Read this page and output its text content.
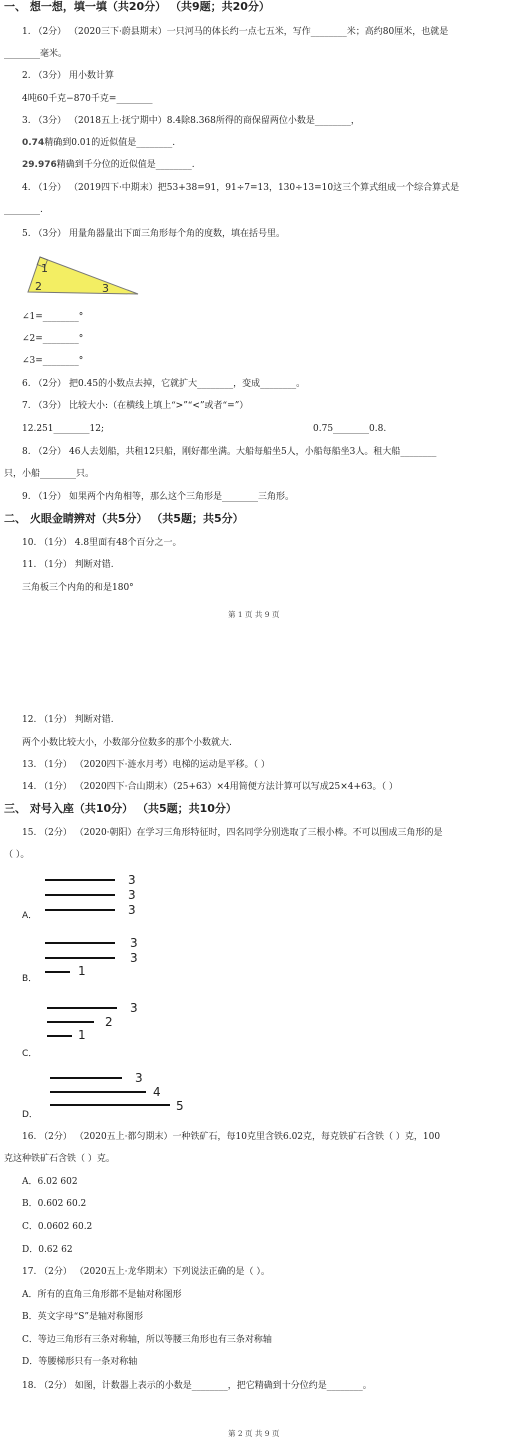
一、 想一想，填一填（共20分） （共9题；共20分）
1. （2分） （2020三下·蔚县期末）一只河马的体长约一点七五米，写作________米；高约80厘米，也就是
________毫米。
2. （3分） 用小数计算
4吨60千克−870千克=________
3. （3分） （2018五上·抚宁期中）8.4除8.368所得的商保留两位小数是________，
0.74精确到0.01的近似值是________.
29.976精确到千分位的近似值是________.
4. （1分） （2019四下·中期末）把53+38=91，91÷7=13，130÷13=10这三个算式组成一个综合算式是
________.
5. （3分） 用量角器量出下面三角形每个角的度数，填在括号里。
1
2	3
∠1=________°
∠2=________°
∠3=________°
6. （2分） 把0.45的小数点去掉，它就扩大________，变成________。
7. （3分） 比较大小:（在横线上填上“>”“<”或者“=”）
12.251________12;	0.75________0.8.
8. （2分） 46人去划船，共租12只船，刚好都坐满。大船每船坐5人，小船每船坐3人。租大船________
只，小船________只。
9. （1分） 如果两个内角相等，那么这个三角形是________三角形。
二、 火眼金睛辨对（共5分） （共5题；共5分）
10. （1分） 4.8里面有48个百分之一。
11. （1分） 判断对错.
三角板三个内角的和是180°
第 1 页 共 9 页
12. （1分） 判断对错.
两个小数比较大小，小数部分位数多的那个小数就大.
13. （1分） （2020四下·涟水月考）电梯的运动是平移。（ ）
14. （1分） （2020四下·合山期末）（25+63）×4用简便方法计算可以写成25×4+63。（ ）
三、 对号入座（共10分） （共5题；共10分）
15. （2分） （2020·朝阳）在学习三角形特征时，四名同学分别选取了三根小棒。不可以围成三角形的是
（ ）。
3
3
3
A．
3
3
1
B．
3
2
1
C．
3
4
5
D．
16. （2分） （2020五上·都匀期末）一种铁矿石，每10克里含铁6.02克，每克铁矿石含铁（ ）克，100
克这种铁矿石含铁（ ）克。
A．6.02 602
B．0.602 60.2
C．0.0602 60.2
D．0.62 62
17. （2分） （2020五上·龙华期末）下列说法正确的是（ ）。
A．所有的直角三角形都不是轴对称图形
B．英文字母“S”是轴对称图形
C．等边三角形有三条对称轴，所以等腰三角形也有三条对称轴
D．等腰梯形只有一条对称轴
18. （2分） 如图，计数器上表示的小数是________，把它精确到十分位约是________。
第 2 页 共 9 页
